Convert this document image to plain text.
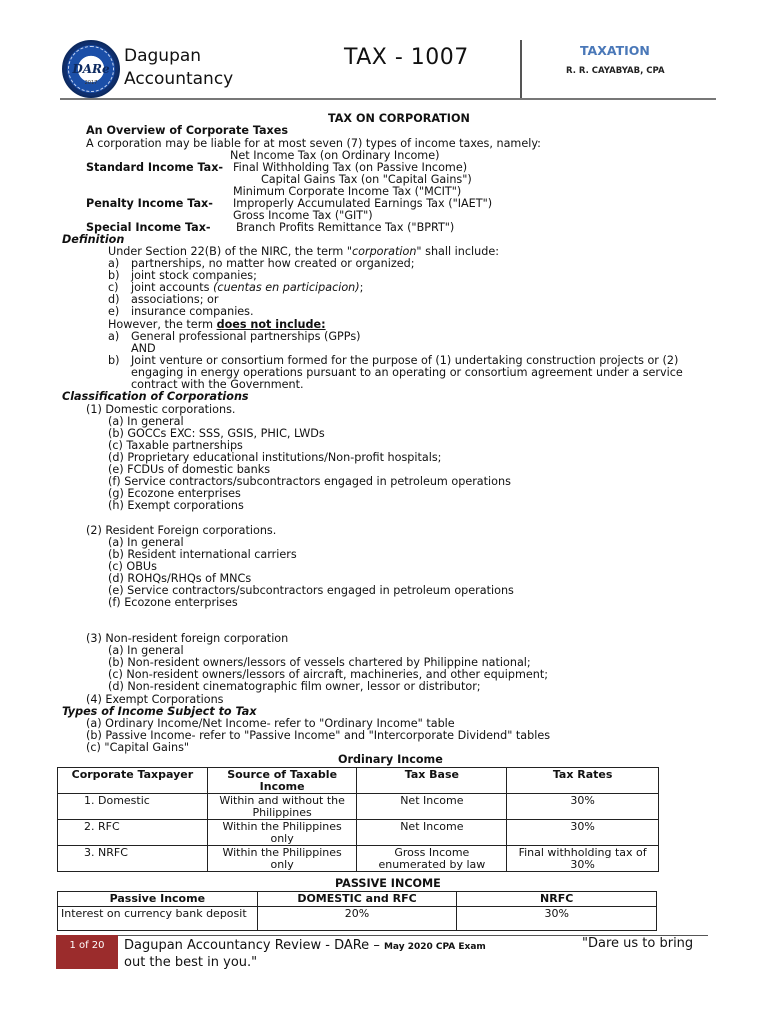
DARe
2017
Dagupan
Accountancy
TAX - 1007	TAXATION
R. R. CAYABYAB, CPA
TAX ON CORPORATION
An Overview of Corporate Taxes
A corporation may be liable for at most seven (7) types of income taxes, namely:
Net Income Tax (on Ordinary Income)
Standard Income Tax- Final Withholding Tax (on Passive Income)
Capital Gains Tax (on "Capital Gains")
Minimum Corporate Income Tax ("MCIT")
Penalty Income Tax- Improperly Accumulated Earnings Tax ("IAET")
Gross Income Tax ("GIT")
Special Income Tax- Branch Profits Remittance Tax ("BPRT")
Definition
Under Section 22(B) of the NIRC, the term "corporation" shall include:
a) partnerships, no matter how created or organized;
b) joint stock companies;
c) joint accounts (cuentas en participacion);
d) associations; or
e) insurance companies.
However, the term does not include:
a) General professional partnerships (GPPs)
AND
b) Joint venture or consortium formed for the purpose of (1) undertaking construction projects or (2)
engaging in energy operations pursuant to an operating or consortium agreement under a service
contract with the Government.
Classification of Corporations
(1) Domestic corporations.
(a) In general
(b) GOCCs EXC: SSS, GSIS, PHIC, LWDs
(c) Taxable partnerships
(d) Proprietary educational institutions/Non-profit hospitals;
(e) FCDUs of domestic banks
(f) Service contractors/subcontractors engaged in petroleum operations
(g) Ecozone enterprises
(h) Exempt corporations
(2) Resident Foreign corporations.
(a) In general
(b) Resident international carriers
(c) OBUs
(d) ROHQs/RHQs of MNCs
(e) Service contractors/subcontractors engaged in petroleum operations
(f) Ecozone enterprises
(3) Non-resident foreign corporation
(a) In general
(b) Non-resident owners/lessors of vessels chartered by Philippine national;
(c) Non-resident owners/lessors of aircraft, machineries, and other equipment;
(d) Non-resident cinematographic film owner, lessor or distributor;
(4) Exempt Corporations
Types of Income Subject to Tax
(a) Ordinary Income/Net Income- refer to "Ordinary Income" table
(b) Passive Income- refer to "Passive Income" and "Intercorporate Dividend" tables
(c) "Capital Gains"
Ordinary Income
Corporate Taxpayer	Source of Taxable Income	Tax Base	Tax Rates
1. Domestic	Within and without the Philippines	Net Income	30%
2. RFC	Within the Philippines only	Net Income	30%
3. NRFC	Within the Philippines only	Gross Income enumerated by law	Final withholding tax of 30%
PASSIVE INCOME
Passive Income	DOMESTIC and RFC	NRFC
Interest on currency bank deposit	20%	30%
1 of 20	Dagupan Accountancy Review - DARe – May 2020 CPA Exam
out the best in you."
"Dare us to bring
